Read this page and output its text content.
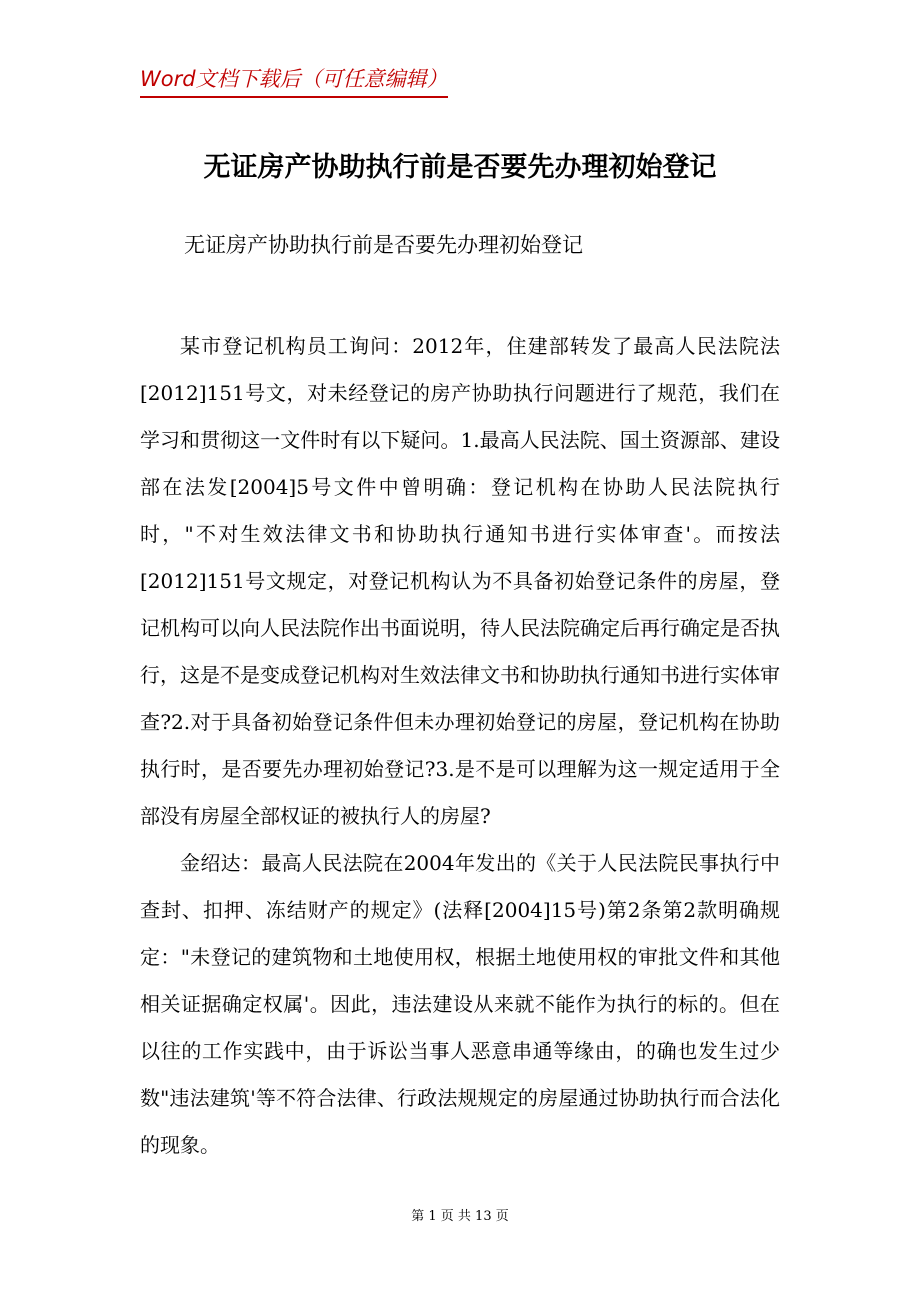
Word文档下载后（可任意编辑）
无证房产协助执行前是否要先办理初始登记
无证房产协助执行前是否要先办理初始登记

某市登记机构员工询问：2012年，住建部转发了最高人民法院法[2012]151号文，对未经登记的房产协助执行问题进行了规范，我们在学习和贯彻这一文件时有以下疑问。1.最高人民法院、国土资源部、建设部在法发[2004]5号文件中曾明确：登记机构在协助人民法院执行时，"不对生效法律文书和协助执行通知书进行实体审查'。而按法[2012]151号文规定，对登记机构认为不具备初始登记条件的房屋，登记机构可以向人民法院作出书面说明，待人民法院确定后再行确定是否执行，这是不是变成登记机构对生效法律文书和协助执行通知书进行实体审查?2.对于具备初始登记条件但未办理初始登记的房屋，登记机构在协助执行时，是否要先办理初始登记?3.是不是可以理解为这一规定适用于全部没有房屋全部权证的被执行人的房屋?

金绍达：最高人民法院在2004年发出的《关于人民法院民事执行中查封、扣押、冻结财产的规定》(法释[2004]15号)第2条第2款明确规定："未登记的建筑物和土地使用权，根据土地使用权的审批文件和其他相关证据确定权属'。因此，违法建设从来就不能作为执行的标的。但在以往的工作实践中，由于诉讼当事人恶意串通等缘由，的确也发生过少数"违法建筑'等不符合法律、行政法规规定的房屋通过协助执行而合法化的现象。

第 1 页 共 13 页
